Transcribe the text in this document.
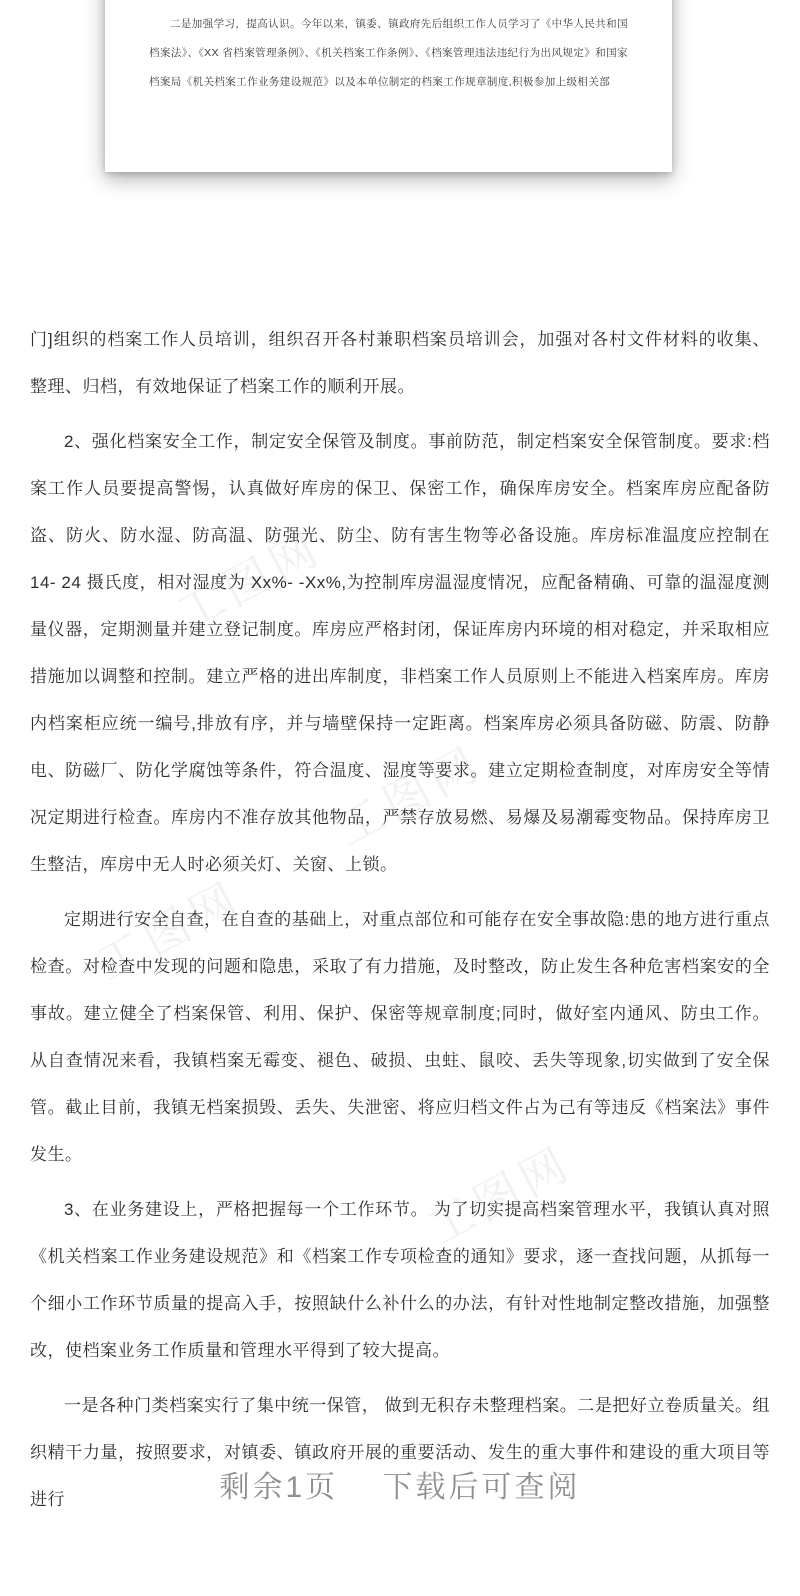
工图网
工图网
工图网
工图网

二是加强学习，提高认识。今年以来，镇委、镇政府先后组织工作人员学习了《中华人民共和国档案法》、《XX 省档案管理条例》、《机关档案工作条例》、《档案管理违法违纪行为出风规定》和国家档案局《机关档案工作业务建设规范》以及本单位制定的档案工作规章制度,积极参加上级相关部

门]组织的档案工作人员培训，组织召开各村兼职档案员培训会，加强对各村文件材料的收集、整理、归档，有效地保证了档案工作的顺利开展。

2、强化档案安全工作，制定安全保管及制度。事前防范，制定档案安全保管制度。要求:档案工作人员要提高警惕，认真做好库房的保卫、保密工作，确保库房安全。档案库房应配备防盗、防火、防水湿、防高温、防强光、防尘、防有害生物等必备设施。库房标准温度应控制在 14- 24 摄氏度，相对湿度为 Xx%- -Xx%,为控制库房温湿度情况，应配备精确、可靠的温湿度测量仪器，定期测量并建立登记制度。库房应严格封闭，保证库房内环境的相对稳定，并采取相应措施加以调整和控制。建立严格的进出库制度，非档案工作人员原则上不能进入档案库房。库房内档案柜应统一编号,排放有序，并与墙壁保持一定距离。档案库房必须具备防磁、防震、防静电、防磁厂、防化学腐蚀等条件，符合温度、湿度等要求。建立定期检查制度，对库房安全等情况定期进行检查。库房内不准存放其他物品，严禁存放易燃、易爆及易潮霉变物品。保持库房卫生整洁，库房中无人时必须关灯、关窗、上锁。

定期进行安全自查，在自查的基础上，对重点部位和可能存在安全事故隐:患的地方进行重点检查。对检查中发现的问题和隐患，采取了有力措施，及时整改，防止发生各种危害档案安的全事故。建立健全了档案保管、利用、保护、保密等规章制度;同时，做好室内通风、防虫工作。从自查情况来看，我镇档案无霉变、褪色、破损、虫蛀、鼠咬、丢失等现象,切实做到了安全保管。截止目前，我镇无档案损毁、丢失、失泄密、将应归档文件占为己有等违反《档案法》事件发生。

3、在业务建设上，严格把握每一个工作环节。 为了切实提高档案管理水平，我镇认真对照《机关档案工作业务建设规范》和《档案工作专项检查的通知》要求，逐一查找问题，从抓每一个细小工作环节质量的提高入手，按照缺什么补什么的办法，有针对性地制定整改措施，加强整改，使档案业务工作质量和管理水平得到了较大提高。

一是各种门类档案实行了集中统一保管， 做到无积存未整理档案。二是把好立卷质量关。组织精干力量，按照要求，对镇委、镇政府开展的重要活动、发生的重大事件和建设的重大项目等进行	剩余1页　 下载后可查阅
